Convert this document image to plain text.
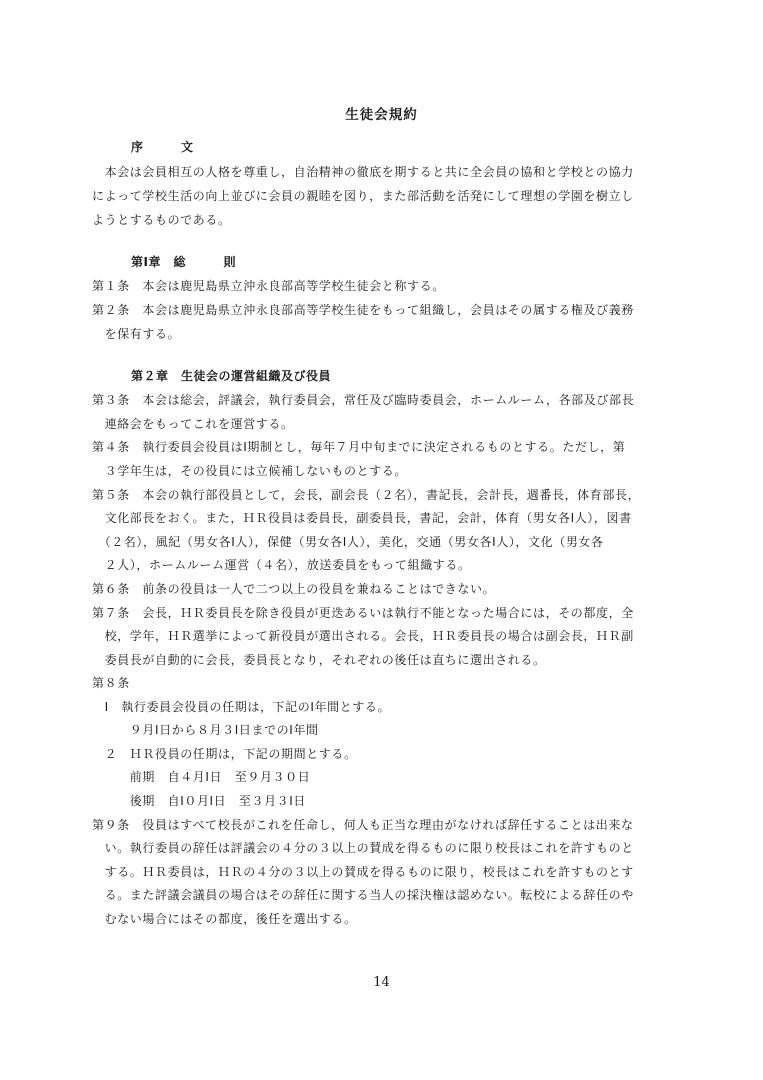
生徒会規約
序　　　文
　本会は会員相互の人格を尊重し，自治精神の徹底を期すると共に全会員の協和と学校との協力
によって学校生活の向上並びに会員の親睦を図り，また部活動を活発にして理想の学園を樹立し
ようとするものである。
第Ⅰ章　総　　　則
第１条　本会は鹿児島県立沖永良部高等学校生徒会と称する。
第２条　本会は鹿児島県立沖永良部高等学校生徒をもって組織し，会員はその属する権及び義務
　を保有する。
第２章　生徒会の運営組織及び役員
第３条　本会は総会，評議会，執行委員会，常任及び臨時委員会，ホームルーム，各部及び部長
　連絡会をもってこれを運営する。
第４条　執行委員会役員はⅠ期制とし，毎年７月中旬までに決定されるものとする。ただし，第
　３学年生は，その役員には立候補しないものとする。
第５条　本会の執行部役員として，会長，副会長（２名），書記長，会計長，週番長，体育部長，
　文化部長をおく。また，ＨＲ役員は委員長，副委員長，書記，会計，体育（男女各Ⅰ人），図書
　（２名），風紀（男女各Ⅰ人），保健（男女各Ⅰ人），美化，交通（男女各Ⅰ人），文化（男女各
　２人），ホームルーム運営（４名），放送委員をもって組織する。
第６条　前条の役員は一人で二つ以上の役員を兼ねることはできない。
第７条　会長，ＨＲ委員長を除き役員が更迭あるいは執行不能となった場合には，その都度，全
　校，学年，ＨＲ選挙によって新役員が選出される。会長，ＨＲ委員長の場合は副会長，ＨＲ副
　委員長が自動的に会長，委員長となり，それぞれの後任は直ちに選出される。
第８条
　Ⅰ　執行委員会役員の任期は，下記のⅠ年間とする。
　　　９月Ⅰ日から８月３Ⅰ日までのⅠ年間
　２　ＨＲ役員の任期は，下記の期間とする。
　　　前期　自４月Ⅰ日　至９月３０日
　　　後期　自Ⅰ０月Ⅰ日　至３月３Ⅰ日
第９条　役員はすべて校長がこれを任命し，何人も正当な理由がなければ辞任することは出来な
　い。執行委員の辞任は評議会の４分の３以上の賛成を得るものに限り校長はこれを許すものと
　する。ＨＲ委員は，ＨＲの４分の３以上の賛成を得るものに限り，校長はこれを許すものとす
　る。また評議会議員の場合はその辞任に関する当人の採決権は認めない。転校による辞任のや
　むない場合にはその都度，後任を選出する。
14
